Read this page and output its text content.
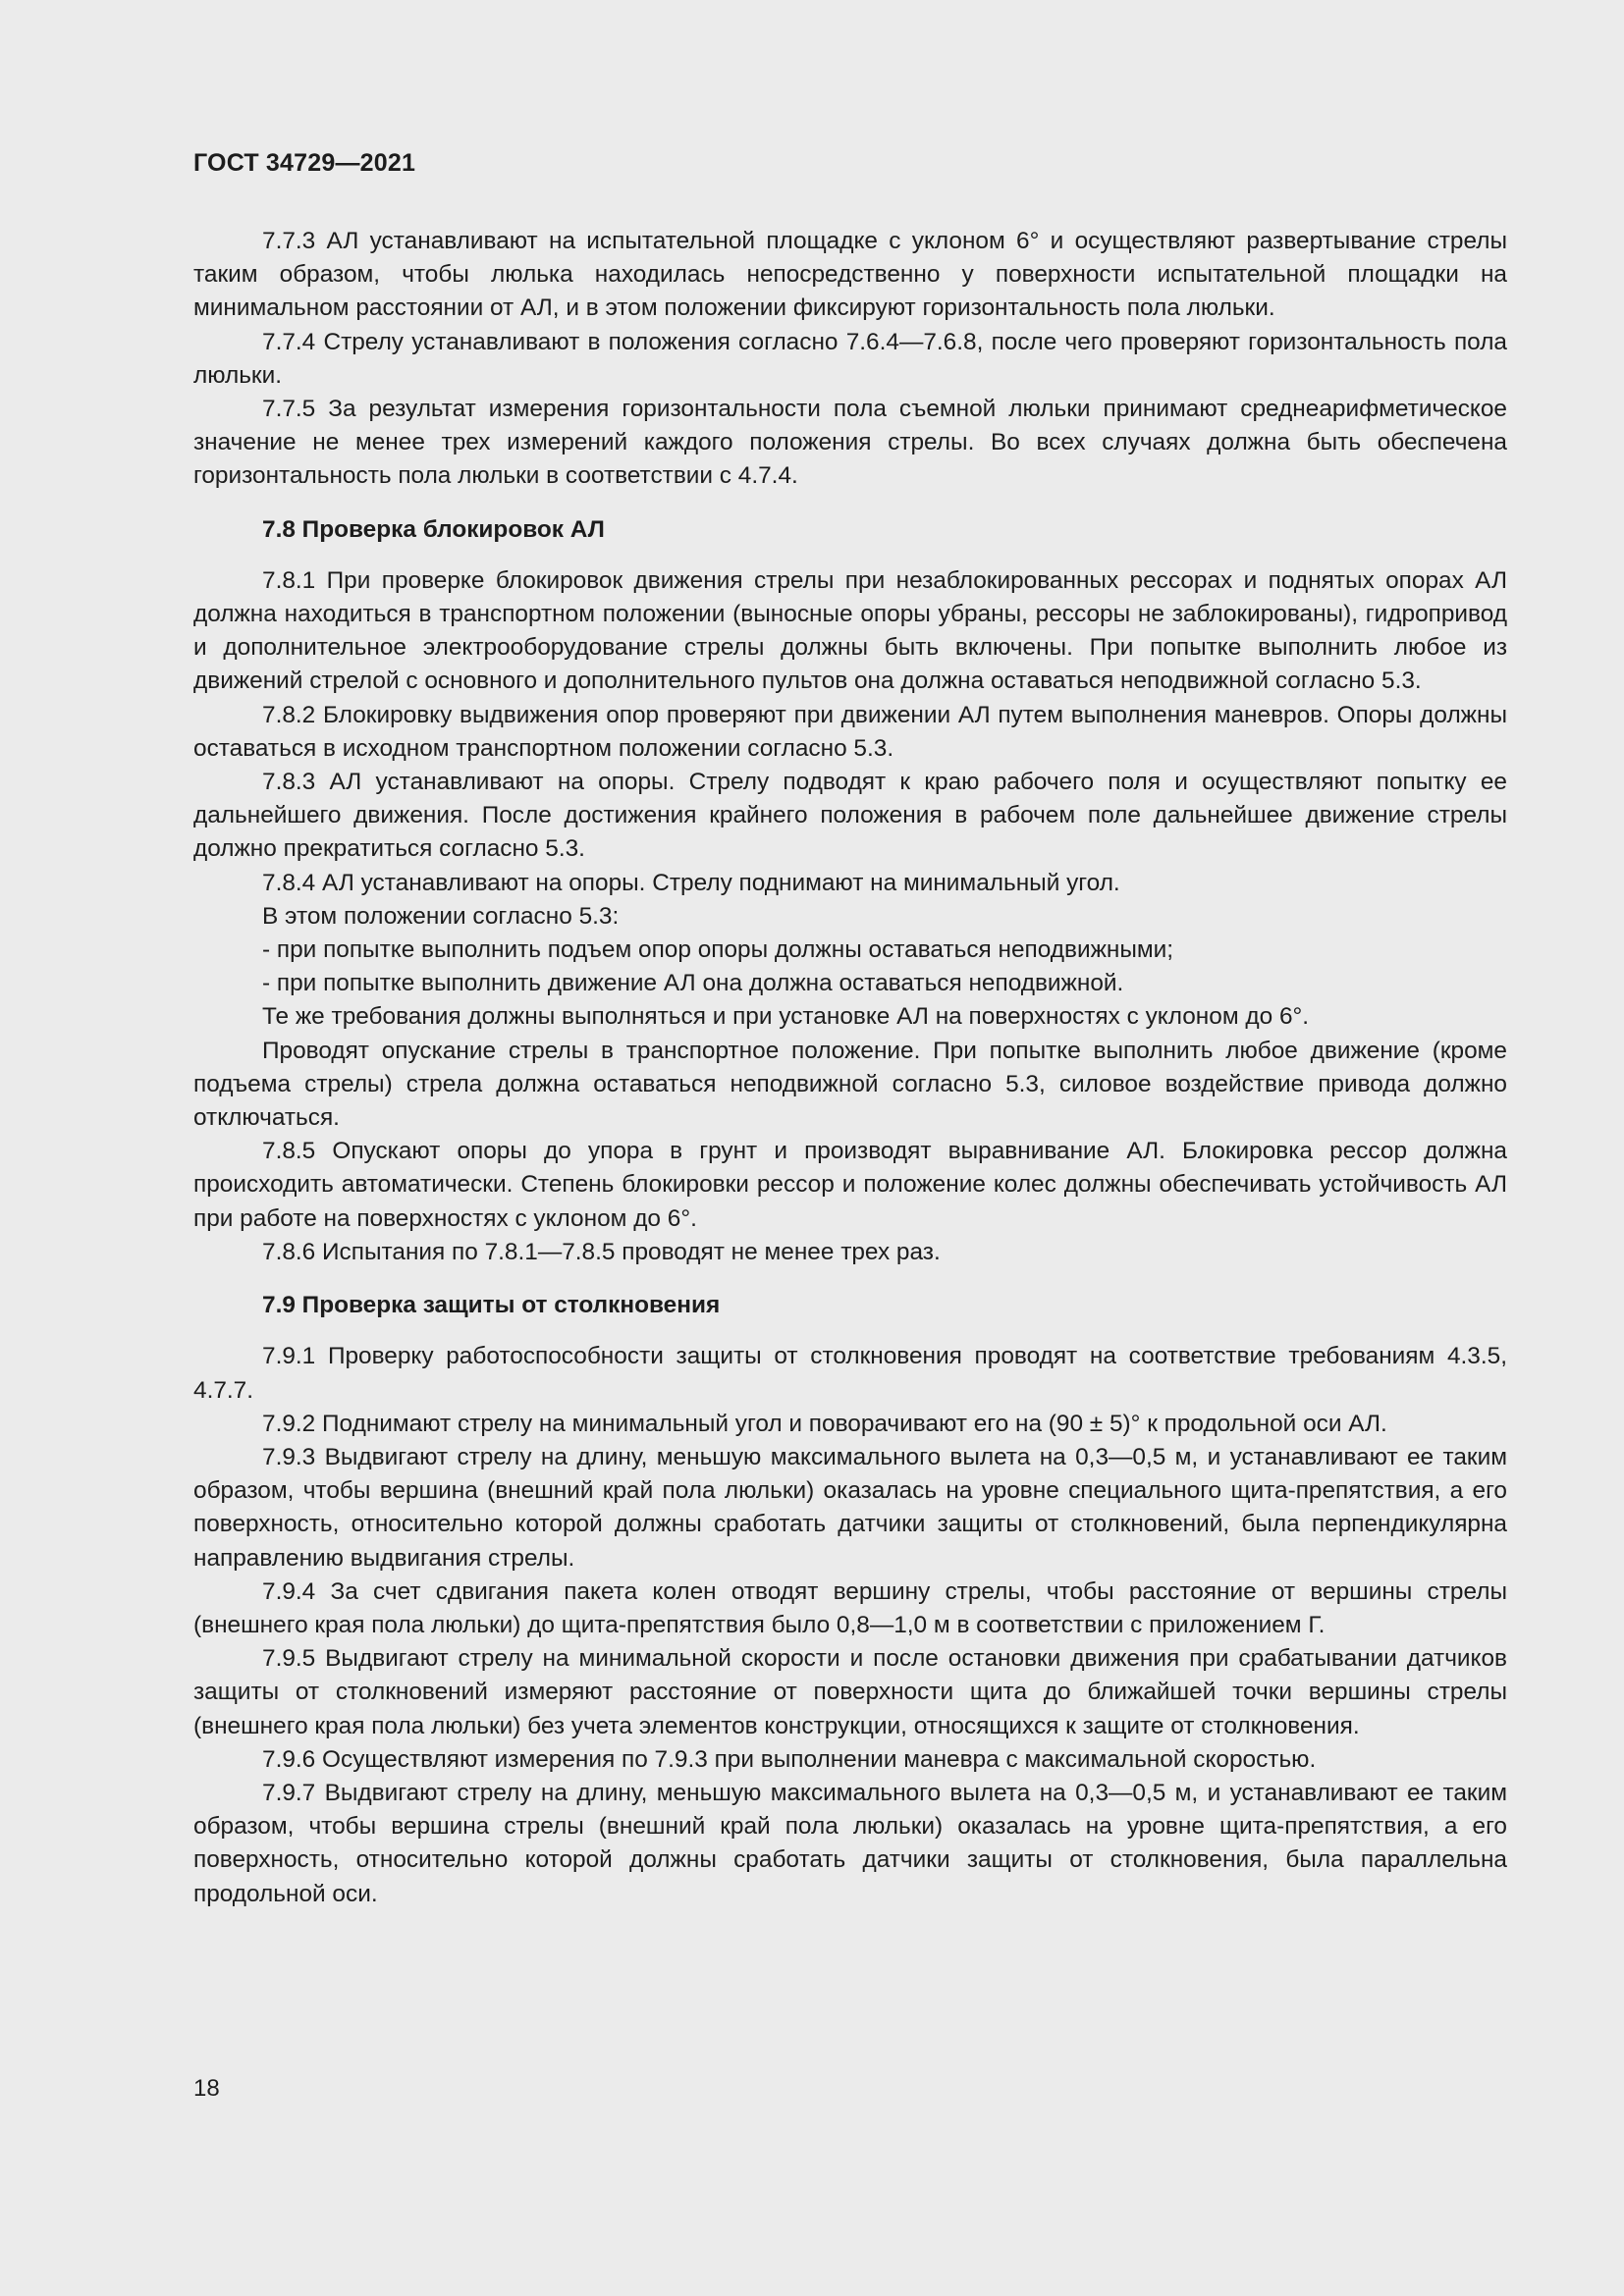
ГОСТ 34729—2021

7.7.3 АЛ устанавливают на испытательной площадке с уклоном 6° и осуществляют развертывание стрелы таким образом, чтобы люлька находилась непосредственно у поверхности испытательной площадки на минимальном расстоянии от АЛ, и в этом положении фиксируют горизонтальность пола люльки.

7.7.4 Стрелу устанавливают в положения согласно 7.6.4—7.6.8, после чего проверяют горизонтальность пола люльки.

7.7.5 За результат измерения горизонтальности пола съемной люльки принимают среднеарифметическое значение не менее трех измерений каждого положения стрелы. Во всех случаях должна быть обеспечена горизонтальность пола люльки в соответствии с 4.7.4.

7.8 Проверка блокировок АЛ

7.8.1 При проверке блокировок движения стрелы при незаблокированных рессорах и поднятых опорах АЛ должна находиться в транспортном положении (выносные опоры убраны, рессоры не заблокированы), гидропривод и дополнительное электрооборудование стрелы должны быть включены. При попытке выполнить любое из движений стрелой с основного и дополнительного пультов она должна оставаться неподвижной согласно 5.3.

7.8.2 Блокировку выдвижения опор проверяют при движении АЛ путем выполнения маневров. Опоры должны оставаться в исходном транспортном положении согласно 5.3.

7.8.3 АЛ устанавливают на опоры. Стрелу подводят к краю рабочего поля и осуществляют попытку ее дальнейшего движения. После достижения крайнего положения в рабочем поле дальнейшее движение стрелы должно прекратиться согласно 5.3.

7.8.4 АЛ устанавливают на опоры. Стрелу поднимают на минимальный угол.

В этом положении согласно 5.3:

- при попытке выполнить подъем опор опоры должны оставаться неподвижными;

- при попытке выполнить движение АЛ она должна оставаться неподвижной.

Те же требования должны выполняться и при установке АЛ на поверхностях с уклоном до 6°.

Проводят опускание стрелы в транспортное положение. При попытке выполнить любое движение (кроме подъема стрелы) стрела должна оставаться неподвижной согласно 5.3, силовое воздействие привода должно отключаться.

7.8.5 Опускают опоры до упора в грунт и производят выравнивание АЛ. Блокировка рессор должна происходить автоматически. Степень блокировки рессор и положение колес должны обеспечивать устойчивость АЛ при работе на поверхностях с уклоном до 6°.

7.8.6 Испытания по 7.8.1—7.8.5 проводят не менее трех раз.

7.9 Проверка защиты от столкновения

7.9.1 Проверку работоспособности защиты от столкновения проводят на соответствие требованиям 4.3.5, 4.7.7.

7.9.2 Поднимают стрелу на минимальный угол и поворачивают его на (90 ± 5)° к продольной оси АЛ.

7.9.3 Выдвигают стрелу на длину, меньшую максимального вылета на 0,3—0,5 м, и устанавливают ее таким образом, чтобы вершина (внешний край пола люльки) оказалась на уровне специального щита-препятствия, а его поверхность, относительно которой должны сработать датчики защиты от столкновений, была перпендикулярна направлению выдвигания стрелы.

7.9.4 За счет сдвигания пакета колен отводят вершину стрелы, чтобы расстояние от вершины стрелы (внешнего края пола люльки) до щита-препятствия было 0,8—1,0 м в соответствии с приложением Г.

7.9.5 Выдвигают стрелу на минимальной скорости и после остановки движения при срабатывании датчиков защиты от столкновений измеряют расстояние от поверхности щита до ближайшей точки вершины стрелы (внешнего края пола люльки) без учета элементов конструкции, относящихся к защите от столкновения.

7.9.6 Осуществляют измерения по 7.9.3 при выполнении маневра с максимальной скоростью.

7.9.7 Выдвигают стрелу на длину, меньшую максимального вылета на 0,3—0,5 м, и устанавливают ее таким образом, чтобы вершина стрелы (внешний край пола люльки) оказалась на уровне щита-препятствия, а его поверхность, относительно которой должны сработать датчики защиты от столкновения, была параллельна продольной оси.

18
